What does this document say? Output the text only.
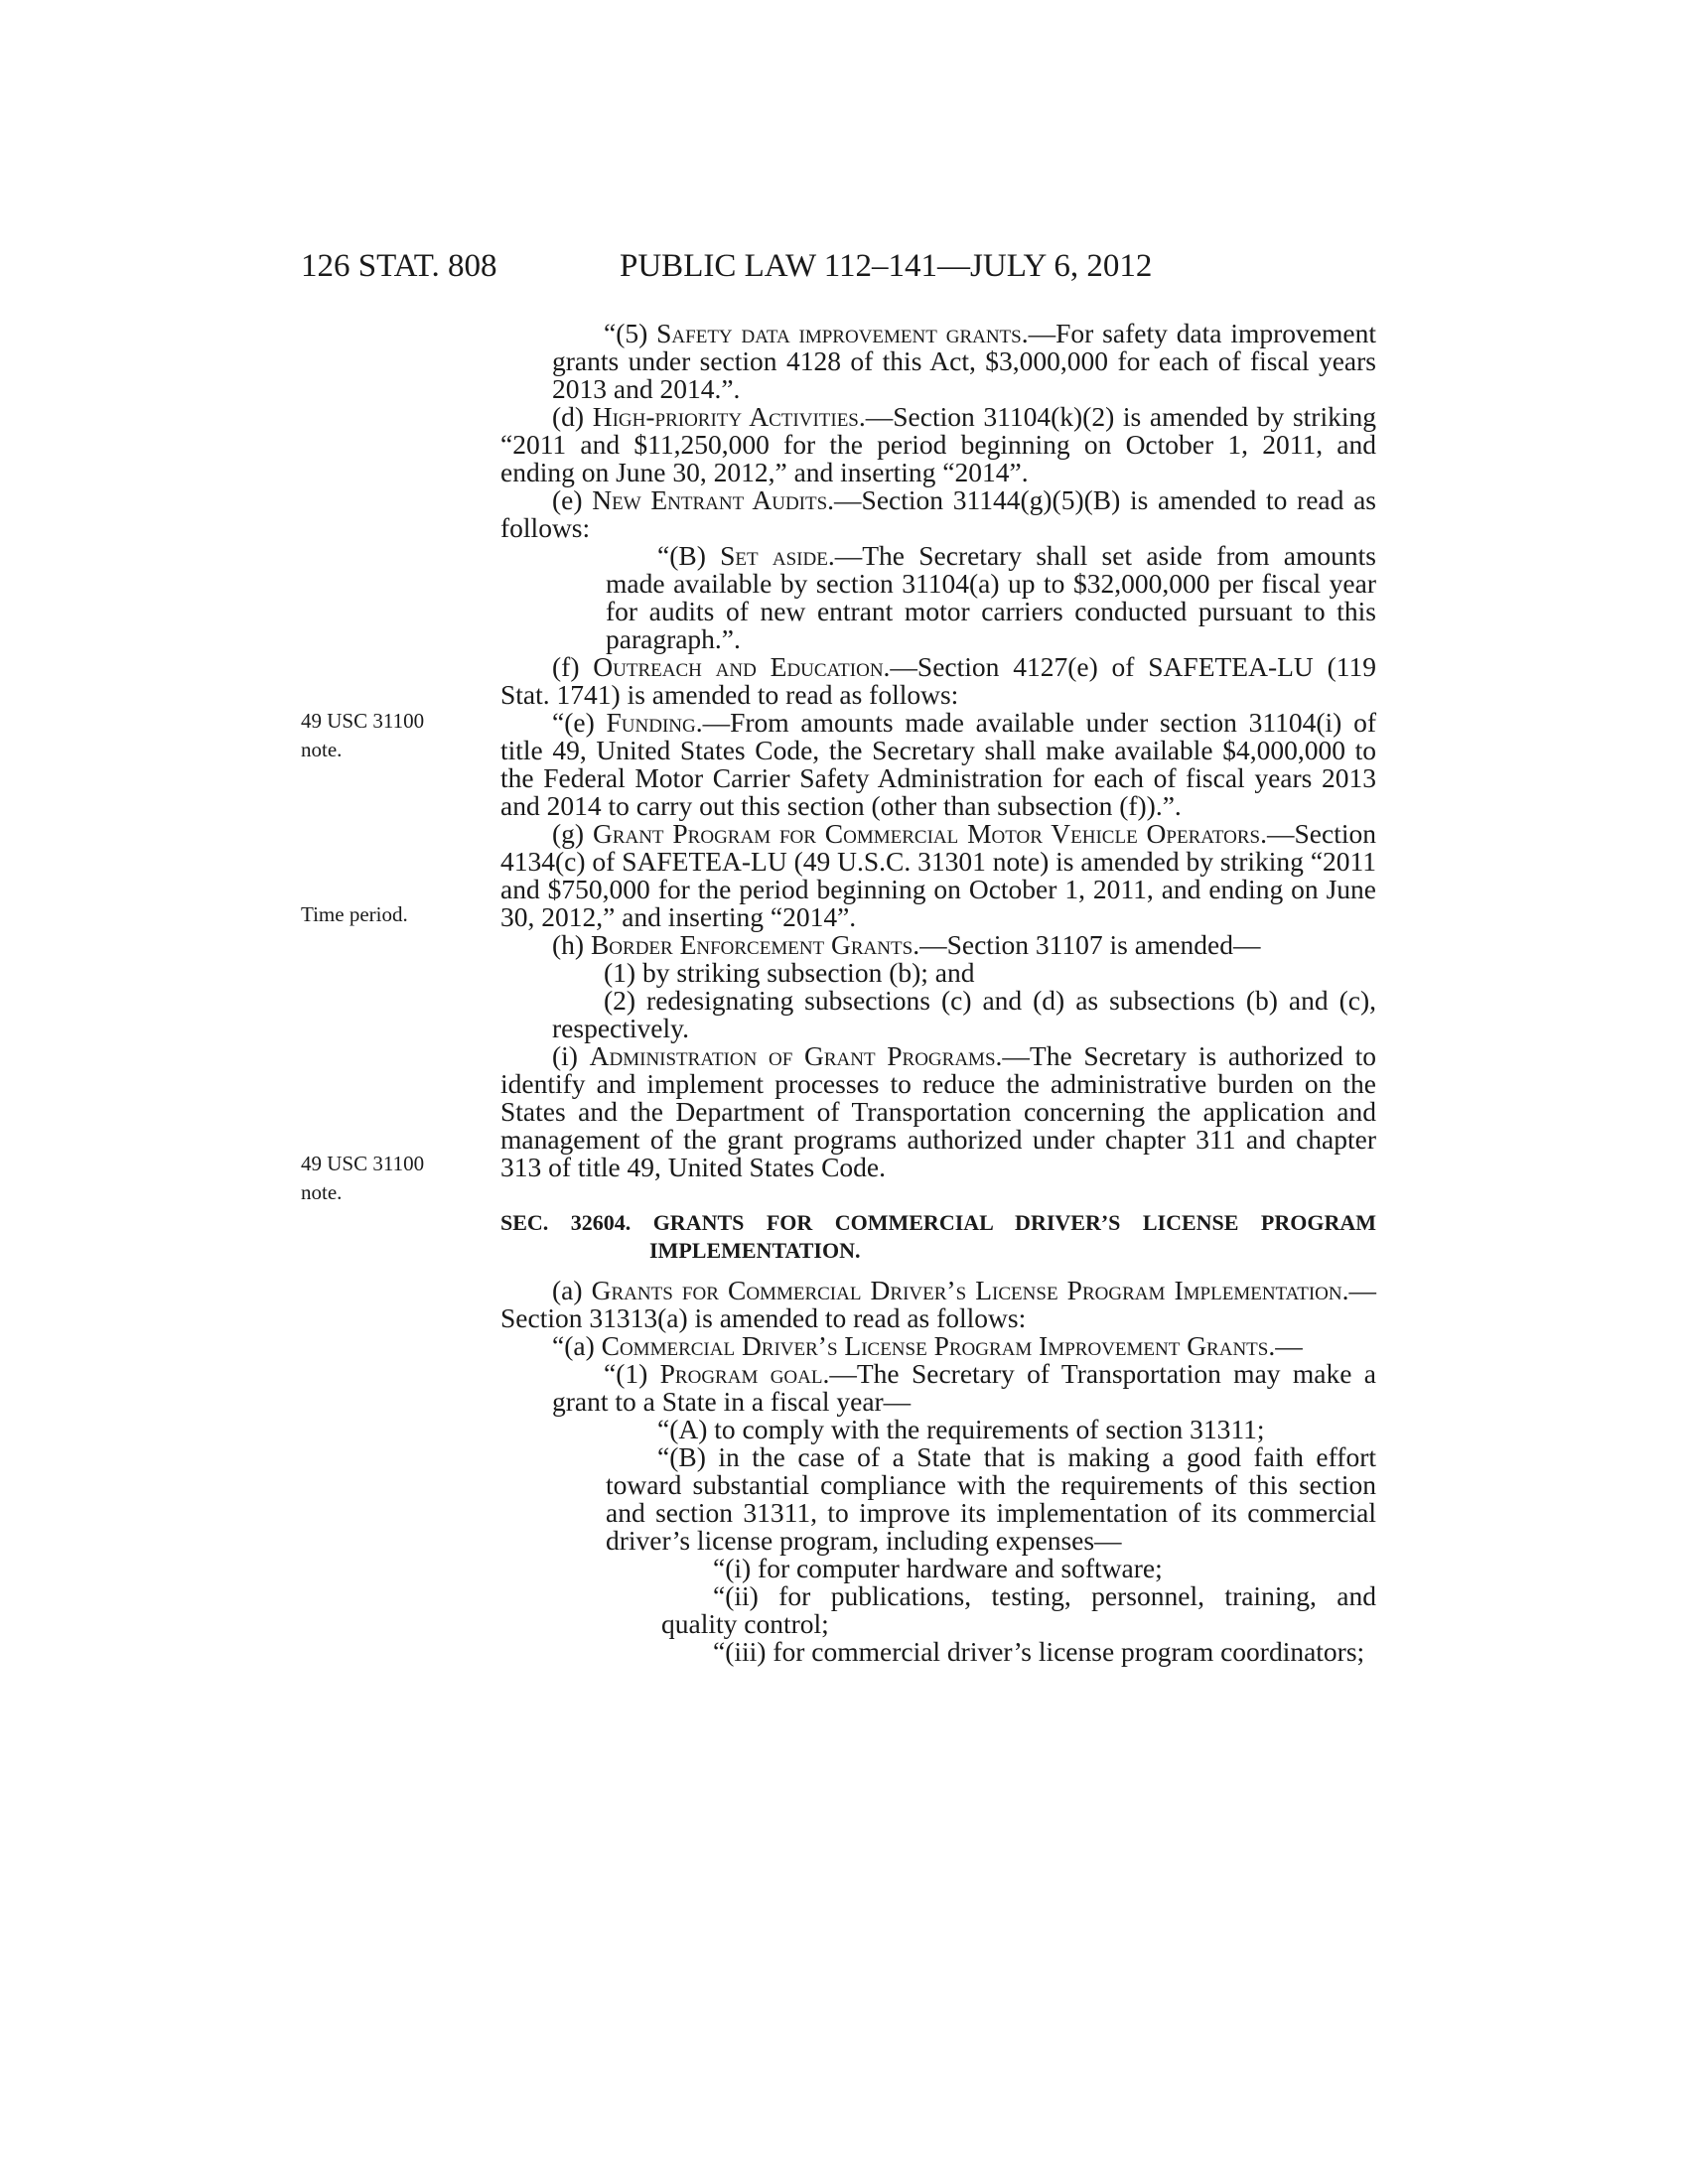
126 STAT. 808	PUBLIC LAW 112–141—JULY 6, 2012
49 USC 31100
note.
Time period.
49 USC 31100
note.

“(5) Safety data improvement grants.—For safety data improvement grants under section 4128 of this Act, $3,000,000 for each of fiscal years 2013 and 2014.”.

(d) High-priority Activities.—Section 31104(k)(2) is amended by striking “2011 and $11,250,000 for the period beginning on October 1, 2011, and ending on June 30, 2012,” and inserting “2014”.

(e) New Entrant Audits.—Section 31144(g)(5)(B) is amended to read as follows:

“(B) Set aside.—The Secretary shall set aside from amounts made available by section 31104(a) up to $32,000,000 per fiscal year for audits of new entrant motor carriers conducted pursuant to this paragraph.”.

(f) Outreach and Education.—Section 4127(e) of SAFETEA-LU (119 Stat. 1741) is amended to read as follows:

“(e) Funding.—From amounts made available under section 31104(i) of title 49, United States Code, the Secretary shall make available $4,000,000 to the Federal Motor Carrier Safety Administration for each of fiscal years 2013 and 2014 to carry out this section (other than subsection (f)).”.

(g) Grant Program for Commercial Motor Vehicle Operators.—Section 4134(c) of SAFETEA-LU (49 U.S.C. 31301 note) is amended by striking “2011 and $750,000 for the period beginning on October 1, 2011, and ending on June 30, 2012,” and inserting “2014”.

(h) Border Enforcement Grants.—Section 31107 is amended—

(1) by striking subsection (b); and

(2) redesignating subsections (c) and (d) as subsections (b) and (c), respectively.

(i) Administration of Grant Programs.—The Secretary is authorized to identify and implement processes to reduce the administrative burden on the States and the Department of Transportation concerning the application and management of the grant programs authorized under chapter 311 and chapter 313 of title 49, United States Code.

SEC. 32604. GRANTS FOR COMMERCIAL DRIVER’S LICENSE PROGRAM IMPLEMENTATION.

(a) Grants for Commercial Driver’s License Program Implementation.—Section 31313(a) is amended to read as follows:

“(a) Commercial Driver’s License Program Improvement Grants.—

“(1) Program goal.—The Secretary of Transportation may make a grant to a State in a fiscal year—

“(A) to comply with the requirements of section 31311;

“(B) in the case of a State that is making a good faith effort toward substantial compliance with the requirements of this section and section 31311, to improve its implementation of its commercial driver’s license program, including expenses—

“(i) for computer hardware and software;

“(ii) for publications, testing, personnel, training, and quality control;

“(iii) for commercial driver’s license program coordinators;
